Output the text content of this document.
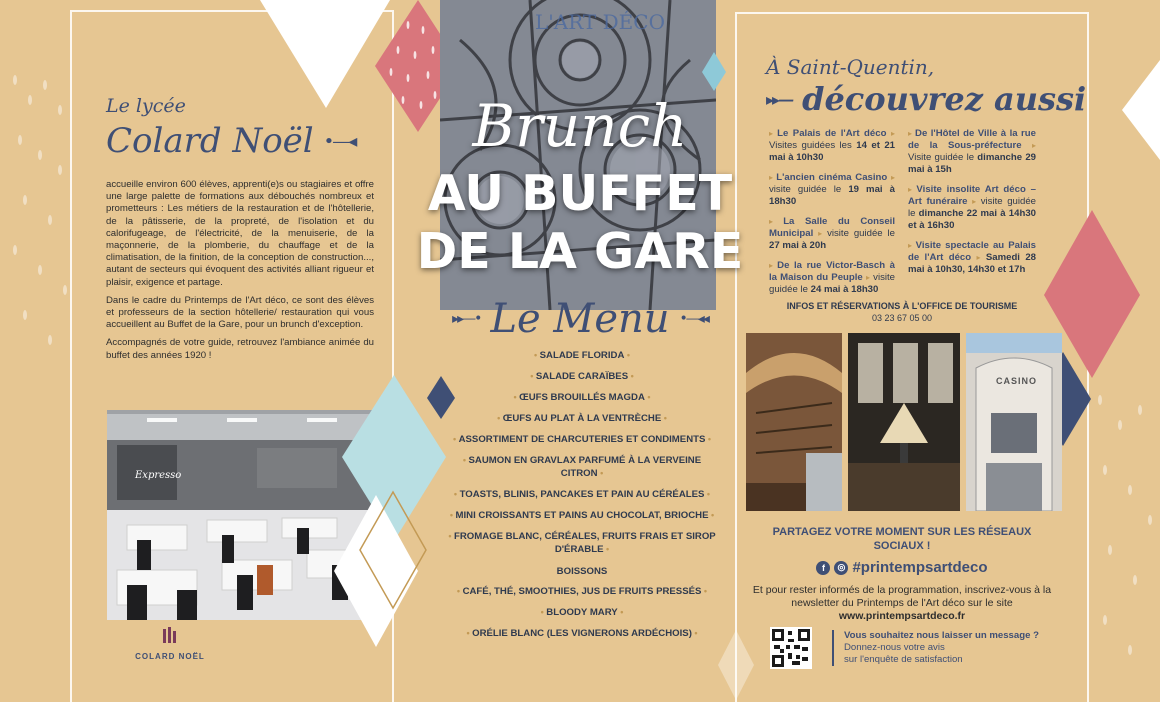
Le lycée
Colard Noël •—◂

accueille environ 600 élèves, apprenti(e)s ou stagiaires et offre une large palette de formations aux débouchés nombreux et prometteurs : Les métiers de la restauration et de l'hôtellerie, de la pâtisserie, de la propreté, de l'isolation et du calorifugeage, de l'électricité, de la menuiserie, de la maçonnerie, de la plomberie, du chauffage et de la climatisation, de la finition, de la conception de construction..., autant de secteurs qui évoquent des activités alliant rigueur et plaisir, exigence et partage.

Dans le cadre du Printemps de l'Art déco, ce sont des élèves et professeurs de la section hôtellerie/ restauration qui vous accueillent au Buffet de la Gare, pour un brunch d'exception.

Accompagnés de votre guide, retrouvez l'ambiance animée du buffet des années 1920 !

Expresso
COLARD NOËL
L'ART DÉCO
Brunch
AU BUFFET
DE LA GARE
▸▸—• Le Menu •—◂◂
• SALADE FLORIDA •
• SALADE CARAÏBES •
• ŒUFS BROUILLÉS MAGDA •
• ŒUFS AU PLAT À LA VENTRÈCHE •
• ASSORTIMENT DE CHARCUTERIES ET CONDIMENTS •
• SAUMON EN GRAVLAX PARFUMÉ À LA VERVEINE CITRON •
• TOASTS, BLINIS, PANCAKES ET PAIN AU CÉRÉALES •
• MINI CROISSANTS ET PAINS AU CHOCOLAT, BRIOCHE •
• FROMAGE BLANC, CÉRÉALES, FRUITS FRAIS ET SIROP D'ÉRABLE •
BOISSONS
• CAFÉ, THÉ, SMOOTHIES, JUS DE FRUITS PRESSÉS •
• BLOODY MARY •
• ORÉLIE BLANC (LES VIGNERONS ARDÉCHOIS) •
À Saint-Quentin,
▸▸— découvrez aussi
▸ Le Palais de l'Art déco ▸ Visites guidées les 14 et 21 mai à 10h30
▸ L'ancien cinéma Casino ▸ visite guidée le 19 mai à 18h30
▸ La Salle du Conseil Municipal ▸ visite guidée le 27 mai à 20h
▸ De la rue Victor-Basch à la Maison du Peuple ▸ visite guidée le 24 mai à 18h30
▸ De l'Hôtel de Ville à la rue de la Sous-préfecture ▸ Visite guidée le dimanche 29 mai à 15h
▸ Visite insolite Art déco – Art funéraire ▸ visite guidée le dimanche 22 mai à 14h30 et à 16h30
▸ Visite spectacle au Palais de l'Art déco ▸ Samedi 28 mai à 10h30, 14h30 et 17h
INFOS ET RÉSERVATIONS À L'OFFICE DE TOURISME
03 23 67 05 00
CASINO
PARTAGEZ VOTRE MOMENT SUR LES RÉSEAUX SOCIAUX !
f	◎ #printempsartdeco
Et pour rester informés de la programmation, inscrivez-vous à la newsletter du Printemps de l'Art déco sur le site www.printempsartdeco.fr
Vous souhaitez nous laisser un message ?
Donnez-nous votre avis
sur l'enquête de satisfaction
